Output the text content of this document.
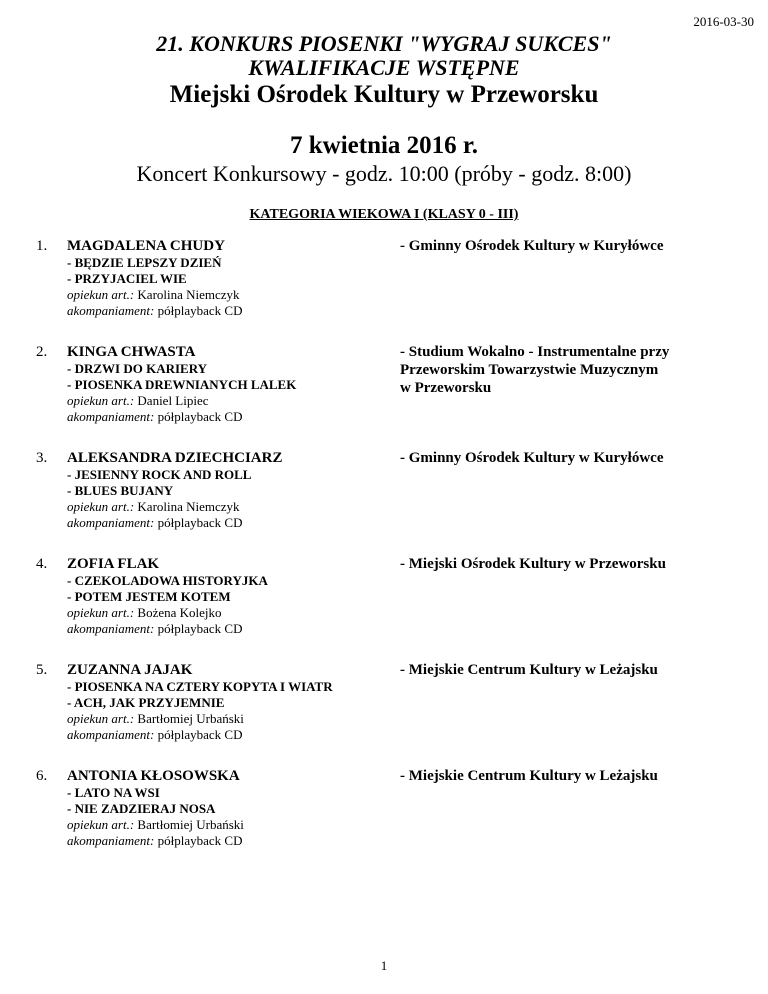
2016-03-30
21. KONKURS PIOSENKI "WYGRAJ SUKCES"
KWALIFIKACJE WSTĘPNE
Miejski Ośrodek Kultury w Przeworsku
7 kwietnia 2016 r.
Koncert Konkursowy - godz. 10:00 (próby - godz. 8:00)
KATEGORIA WIEKOWA I (KLASY 0 - III)
1. MAGDALENA CHUDY
- BĘDZIE LEPSZY DZIEŃ
- PRZYJACIEL WIE
opiekun art.: Karolina Niemczyk
akompaniament: półplayback CD
- Gminny Ośrodek Kultury w Kuryłówce
2. KINGA CHWASTA
- DRZWI DO KARIERY
- PIOSENKA DREWNIANYCH LALEK
opiekun art.: Daniel Lipiec
akompaniament: półplayback CD
- Studium Wokalno - Instrumentalne przy
Przeworskim Towarzystwie Muzycznym
w Przeworsku
3. ALEKSANDRA DZIECHCIARZ
- JESIENNY ROCK AND ROLL
- BLUES BUJANY
opiekun art.: Karolina Niemczyk
akompaniament: półplayback CD
- Gminny Ośrodek Kultury w Kuryłówce
4. ZOFIA FLAK
- CZEKOLADOWA HISTORYJKA
- POTEM JESTEM KOTEM
opiekun art.: Bożena Kolejko
akompaniament: półplayback CD
- Miejski Ośrodek Kultury w Przeworsku
5. ZUZANNA JAJAK
- PIOSENKA NA CZTERY KOPYTA I WIATR
- ACH, JAK PRZYJEMNIE
opiekun art.: Bartłomiej Urbański
akompaniament: półplayback CD
- Miejskie Centrum Kultury w Leżajsku
6. ANTONIA KŁOSOWSKA
- LATO NA WSI
- NIE ZADZIERAJ NOSA
opiekun art.: Bartłomiej Urbański
akompaniament: półplayback CD
- Miejskie Centrum Kultury w Leżajsku
1
